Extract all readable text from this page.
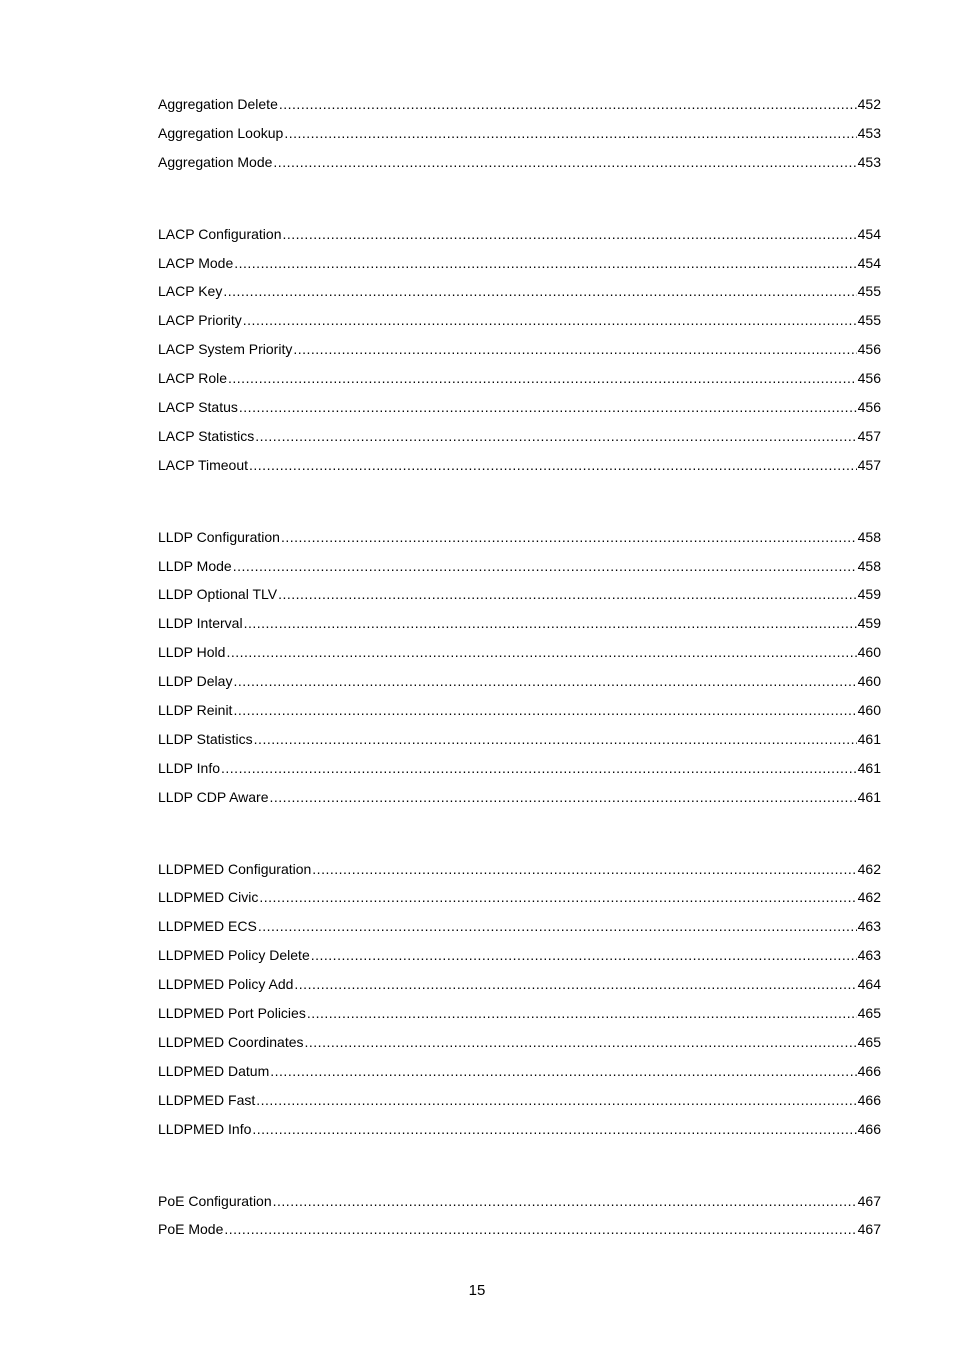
Aggregation Delete .....	452
Aggregation Lookup .....	453
Aggregation Mode .....	453
LACP Configuration .....	454
LACP Mode .....	454
LACP Key .....	455
LACP Priority .....	455
LACP System Priority .....	456
LACP Role .....	456
LACP Status .....	456
LACP Statistics .....	457
LACP Timeout .....	457
LLDP Configuration .....	458
LLDP Mode .....	458
LLDP Optional TLV .....	459
LLDP Interval .....	459
LLDP Hold .....	460
LLDP Delay .....	460
LLDP Reinit .....	460
LLDP Statistics .....	461
LLDP Info .....	461
LLDP CDP Aware .....	461
LLDPMED Configuration .....	462
LLDPMED Civic .....	462
LLDPMED ECS .....	463
LLDPMED Policy Delete .....	463
LLDPMED Policy Add .....	464
LLDPMED Port Policies .....	465
LLDPMED Coordinates .....	465
LLDPMED Datum .....	466
LLDPMED Fast .....	466
LLDPMED Info .....	466
PoE Configuration .....	467
PoE Mode .....	467
15
